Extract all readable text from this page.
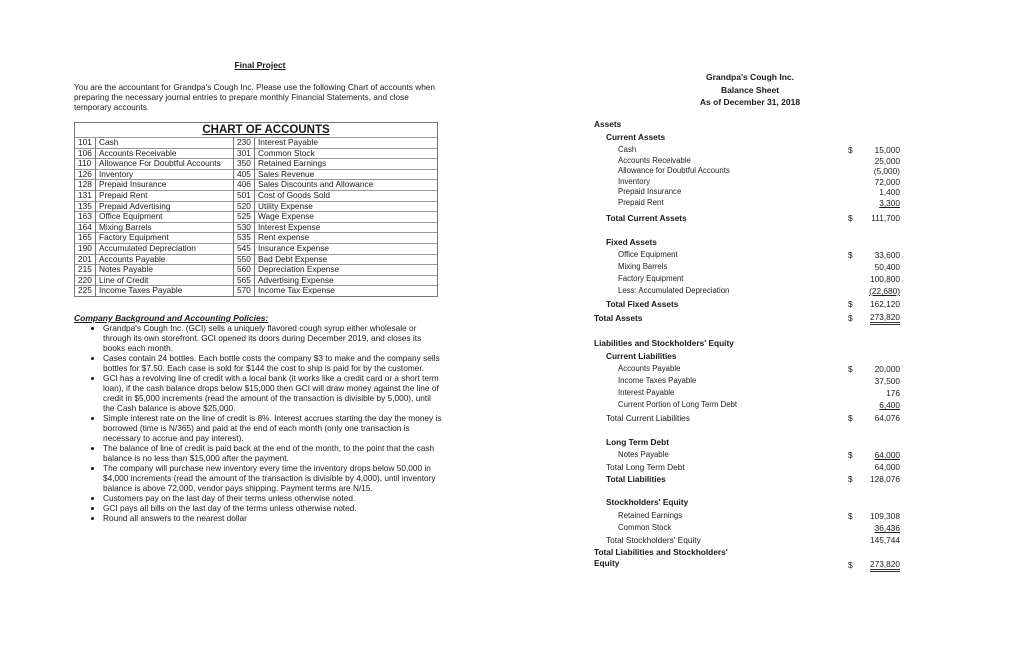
Final Project

You are the accountant for Grandpa's Cough Inc. Please use the following Chart of accounts when preparing the necessary journal entries to prepare monthly Financial Statements, and close temporary accounts.

CHART OF ACCOUNTS
101	Cash	230	Interest Payable
106	Accounts Receivable	301	Common Stock
110	Allowance For Doubtful Accounts	350	Retained Earnings
126	Inventory	405	Sales Revenue
128	Prepaid Insurance	406	Sales Discounts and Allowance
131	Prepaid Rent	501	Cost of Goods Sold
135	Prepaid Advertising	520	Utility Expense
163	Office Equipment	525	Wage Expense
164	Mixing Barrels	530	Interest Expense
165	Factory Equipment	535	Rent expense
190	Accumulated Depreciation	545	Insurance Expense
201	Accounts Payable	550	Bad Debt Expense
215	Notes Payable	560	Depreciation Expense
220	Line of Credit	565	Advertising Expense
225	Income Taxes Payable	570	Income Tax Expense

Company Background and Accounting Policies:

• Grandpa's Cough Inc. (GCI) sells a uniquely flavored cough syrup either wholesale or through its own storefront. GCI opened its doors during December 2019, and closes its books each month.
• Cases contain 24 bottles. Each bottle costs the company $3 to make and the company sells bottles for $7.50. Each case is sold for $144 the cost to ship is paid for by the customer.
• GCI has a revolving line of credit with a local bank (it works like a credit card or a short term loan), if the cash balance drops below $15,000 then GCI will draw money against the line of credit in $5,000 increments (read the amount of the transaction is divisible by 5,000), until the Cash balance is above $25,000.
• Simple interest rate on the line of credit is 8%. Interest accrues starting the day the money is borrowed (time is N/365) and paid at the end of each month (only one transaction is necessary to accrue and pay interest).
• The balance of line of credit is paid back at the end of the month, to the point that the cash balance is no less than $15,000 after the payment.
• The company will purchase new inventory every time the inventory drops below 50,000 in $4,000 increments (read the amount of the transaction is divisible by 4,000), until inventory balance is above 72,000, vendor pays shipping. Payment terms are N/15.
• Customers pay on the last day of their terms unless otherwise noted.
• GCI pays all bills on the last day of the terms unless otherwise noted.
• Round all answers to the nearest dollar
Grandpa's Cough Inc.
Balance Sheet
As of December 31, 2018
Assets
Current Assets
Cash	$	15,000
Accounts Receivable	25,000
Allowance for Doubtful Accounts	(5,000)
Inventory	72,000
Prepaid Insurance	1,400
Prepaid Rent	3,300
Total Current Assets	$ 111,700
Fixed Assets
Office Equipment	$	33,600
Mixing Barrels	50,400
Factory Equipment	100,800
Less: Accumulated Depreciation	(22,680)
Total Fixed Assets	$ 162,120
Total Assets	$ 273,820
Liabilities and Stockholders' Equity
Current Liabilities
Accounts Payable	$	20,000
Income Taxes Payable	37,500
Interest Payable	176
Current Portion of Long Term Debt	6,400
Total Current Liabilities	$	64,076
Long Term Debt
Notes Payable	$	64,000
Total Long Term Debt	64,000
Total Liabilities	$ 128,076
Stockholders' Equity
Retained Earnings	$ 109,308
Common Stock	36,436
Total Stockholders' Equity	145,744
Total Liabilities and Stockholders'
Equity	$ 273,820
